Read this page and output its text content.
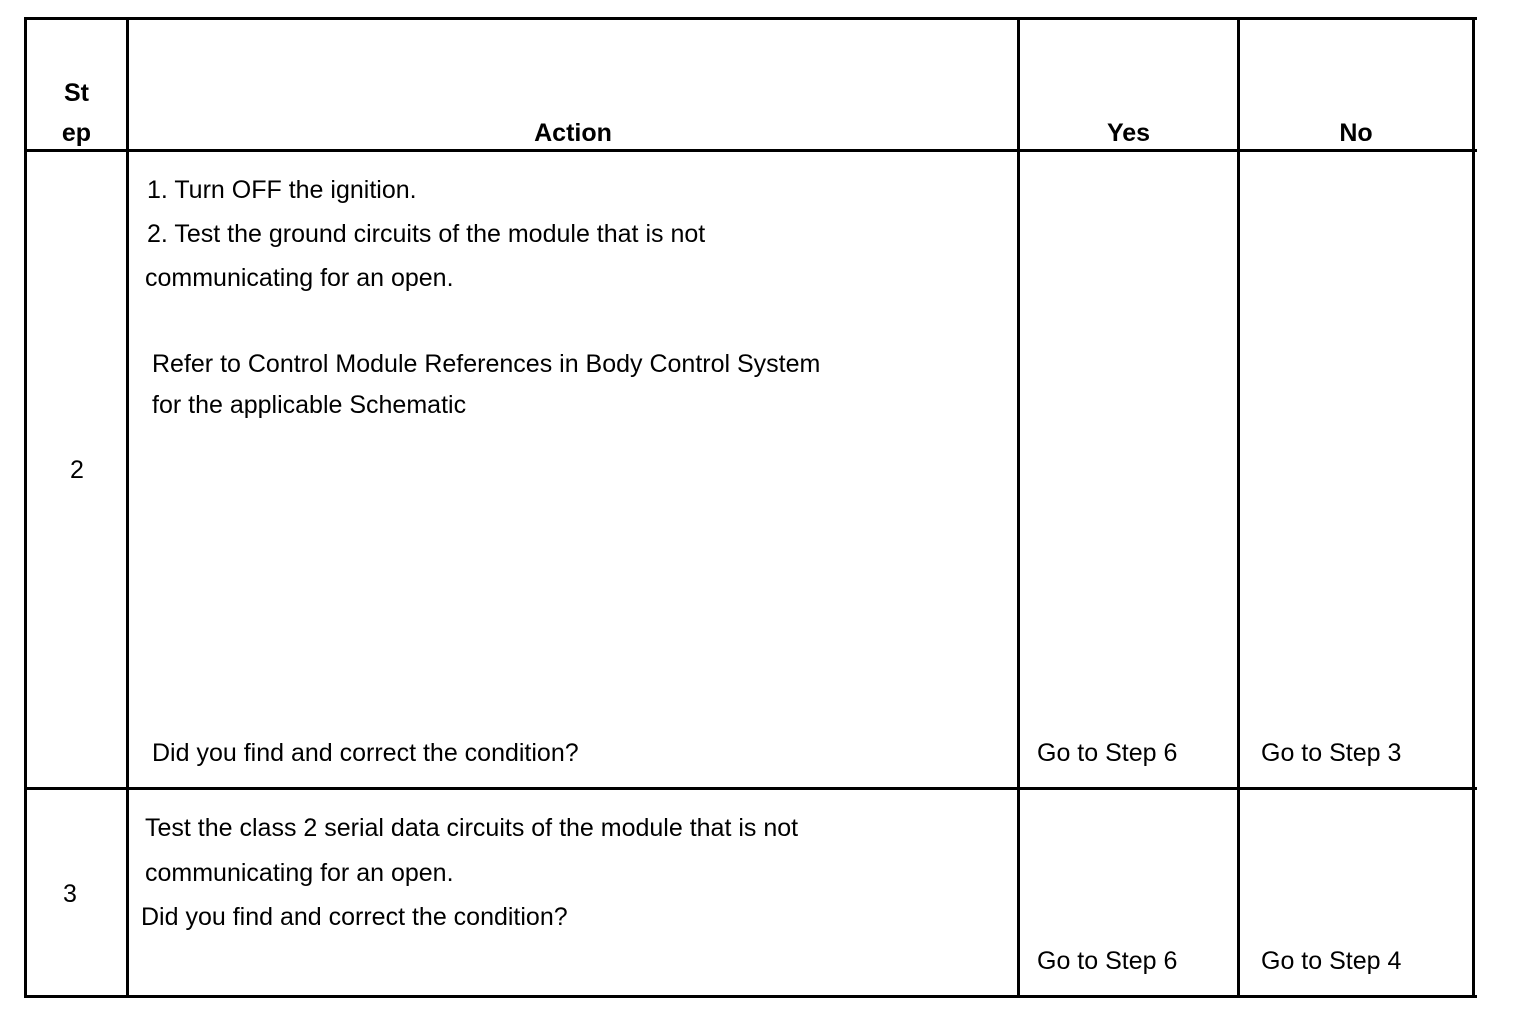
St
ep	Action	Yes	No
2
1. Turn OFF the ignition.
2. Test the ground circuits of the module that is not
communicating for an open.
Refer to Control Module References in Body Control System
for the applicable Schematic
Did you find and correct the condition?	Go to Step 6	Go to Step 3
3
Test the class 2 serial data circuits of the module that is not
communicating for an open.
Did you find and correct the condition?
Go to Step 6	Go to Step 4
